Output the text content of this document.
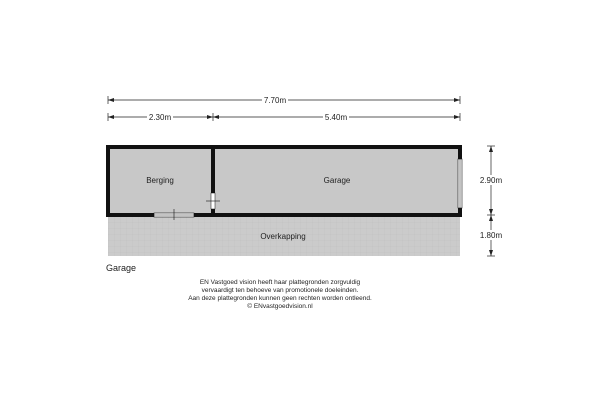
7.70m
2.30m	5.40m
Berging	Garage
Overkapping
2.90m
1.80m
Garage
EN Vastgoed vision heeft haar plattegronden zorgvuldig
vervaardigt ten behoeve van promotionele doeleinden.
Aan deze plattegronden kunnen geen rechten worden ontleend.
© ENvastgoedvision.nl
